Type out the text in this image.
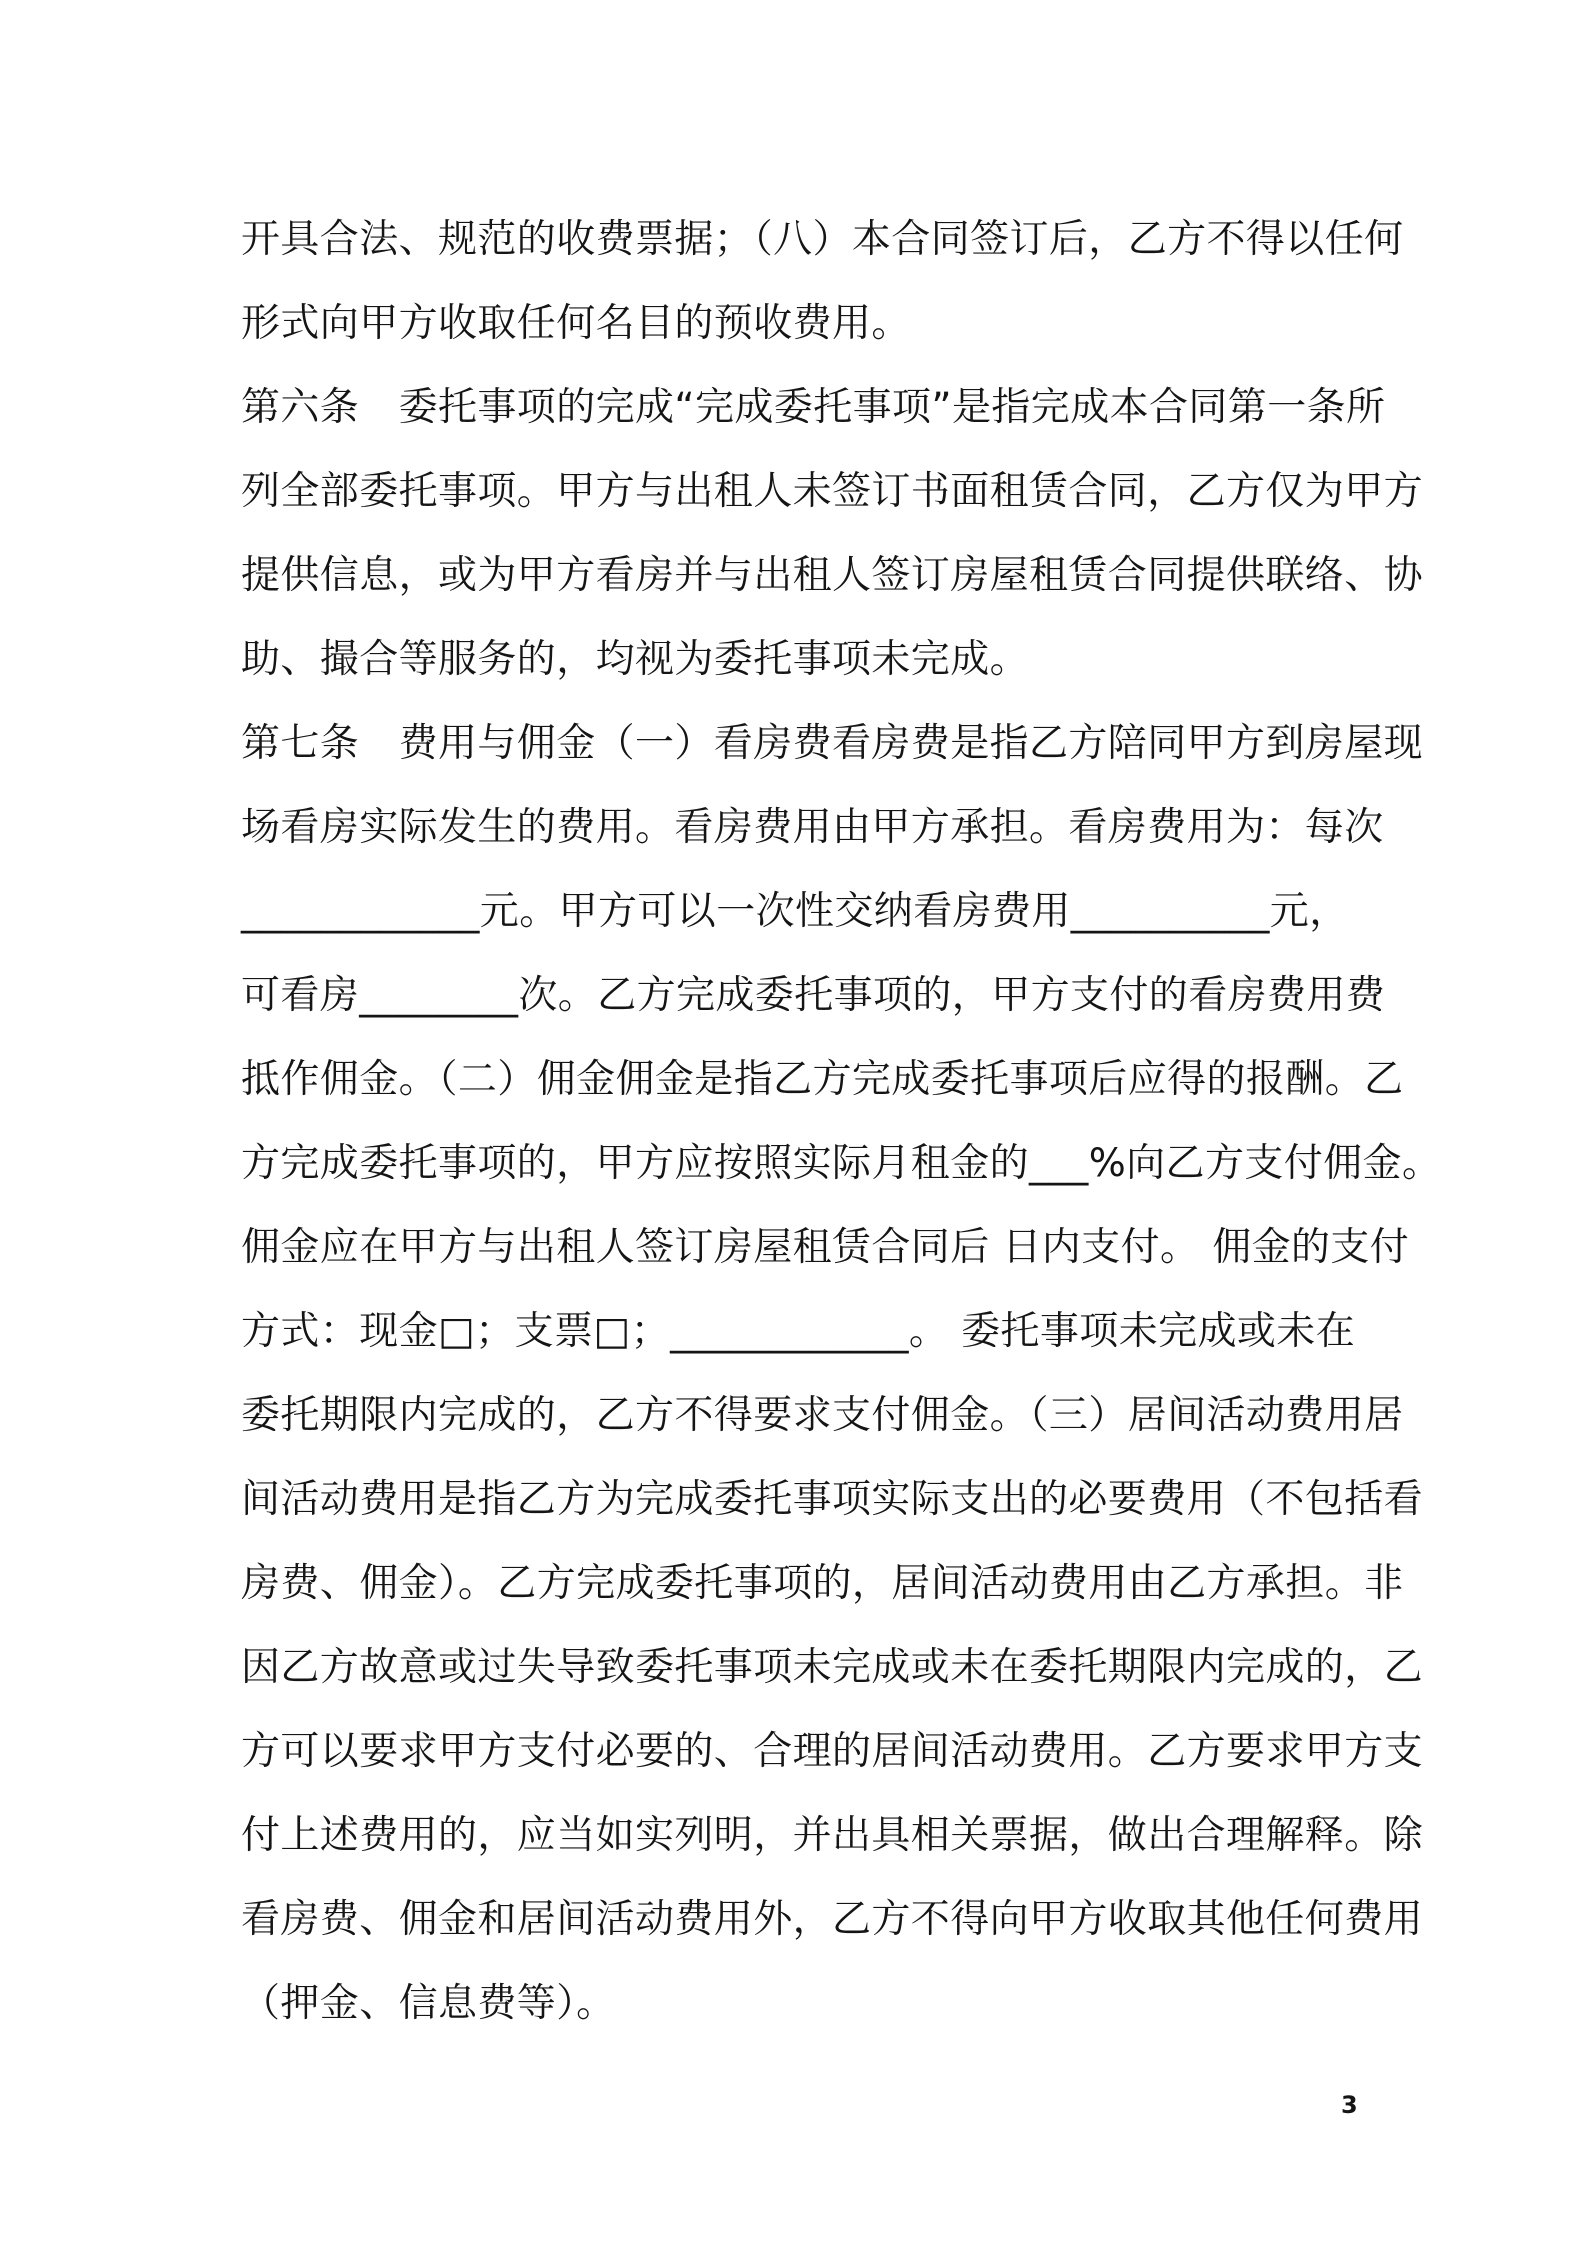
开具合法、规范的收费票据；（八）本合同签订后，乙方不得以任何
形式向甲方收取任何名目的预收费用。
第六条　委托事项的完成“完成委托事项”是指完成本合同第一条所
列全部委托事项。甲方与出租人未签订书面租赁合同，乙方仅为甲方
提供信息，或为甲方看房并与出租人签订房屋租赁合同提供联络、协
助、撮合等服务的，均视为委托事项未完成。
第七条　费用与佣金（一）看房费看房费是指乙方陪同甲方到房屋现
场看房实际发生的费用。看房费用由甲方承担。看房费用为：每次
____________元。甲方可以一次性交纳看房费用__________元，
可看房________次。乙方完成委托事项的，甲方支付的看房费用费
抵作佣金。（二）佣金佣金是指乙方完成委托事项后应得的报酬。乙
方完成委托事项的，甲方应按照实际月租金的___%向乙方支付佣金。
佣金应在甲方与出租人签订房屋租赁合同后 日内支付。 佣金的支付
方式：现金□；支票□；____________。 委托事项未完成或未在
委托期限内完成的，乙方不得要求支付佣金。（三）居间活动费用居
间活动费用是指乙方为完成委托事项实际支出的必要费用（不包括看
房费、佣金）。乙方完成委托事项的，居间活动费用由乙方承担。非
因乙方故意或过失导致委托事项未完成或未在委托期限内完成的，乙
方可以要求甲方支付必要的、合理的居间活动费用。乙方要求甲方支
付上述费用的，应当如实列明，并出具相关票据，做出合理解释。除
看房费、佣金和居间活动费用外，乙方不得向甲方收取其他任何费用
（押金、信息费等）。
3
